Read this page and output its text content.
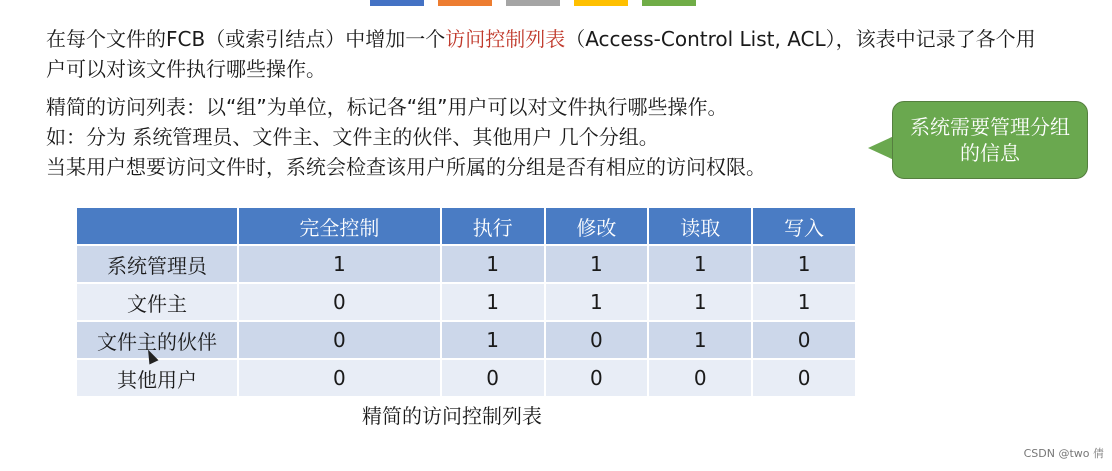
在每个文件的FCB（或索引结点）中增加一个访问控制列表（Access-Control List, ACL），该表中记录了各个用户可以对该文件执行哪些操作。

精简的访问列表：以“组”为单位，标记各“组”用户可以对文件执行哪些操作。
如：分为 系统管理员、文件主、文件主的伙伴、其他用户 几个分组。
当某用户想要访问文件时，系统会检查该用户所属的分组是否有相应的访问权限。

系统需要管理分组的信息
	完全控制	执行	修改	读取	写入
系统管理员	1	1	1	1	1
文件主	0	1	1	1	1
文件主的伙伴	0	1	0	1	0
其他用户	0	0	0	0	0
精简的访问控制列表
CSDN @two 倩
